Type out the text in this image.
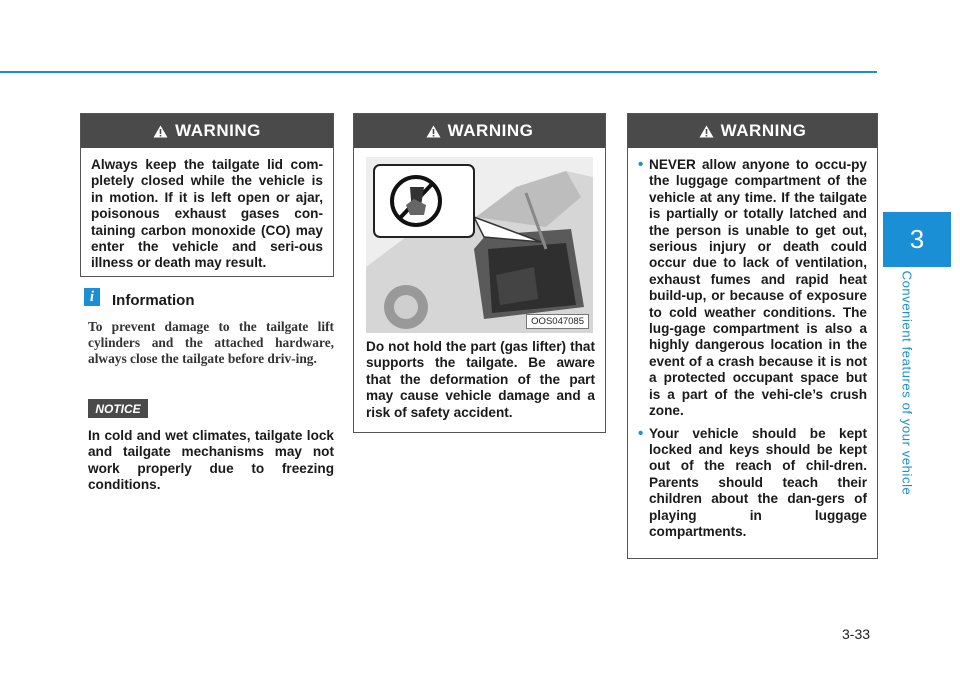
3
Convenient features of your vehicle
WARNING
Always keep the tailgate lid com-pletely closed while the vehicle is in motion. If it is left open or ajar, poisonous exhaust gases con-taining carbon monoxide (CO) may enter the vehicle and seri-ous illness or death may result.
i	Information
To prevent damage to the tailgate lift cylinders and the attached hardware, always close the tailgate before driv-ing.
NOTICE
In cold and wet climates, tailgate lock and tailgate mechanisms may not work properly due to freezing conditions.
WARNING
OOS047085
Do not hold the part (gas lifter) that supports the tailgate. Be aware that the deformation of the part may cause vehicle damage and a risk of safety accident.
WARNING
• NEVER allow anyone to occu-py the luggage compartment of the vehicle at any time. If the tailgate is partially or totally latched and the person is unable to get out, serious injury or death could occur due to lack of ventilation, exhaust fumes and rapid heat build-up, or because of exposure to cold weather conditions. The lug-gage compartment is also a highly dangerous location in the event of a crash because it is not a protected occupant space but is a part of the vehi-cle’s crush zone.
• Your vehicle should be kept locked and keys should be kept out of the reach of chil-dren. Parents should teach their children about the dan-gers of playing in luggage compartments.
3-33
